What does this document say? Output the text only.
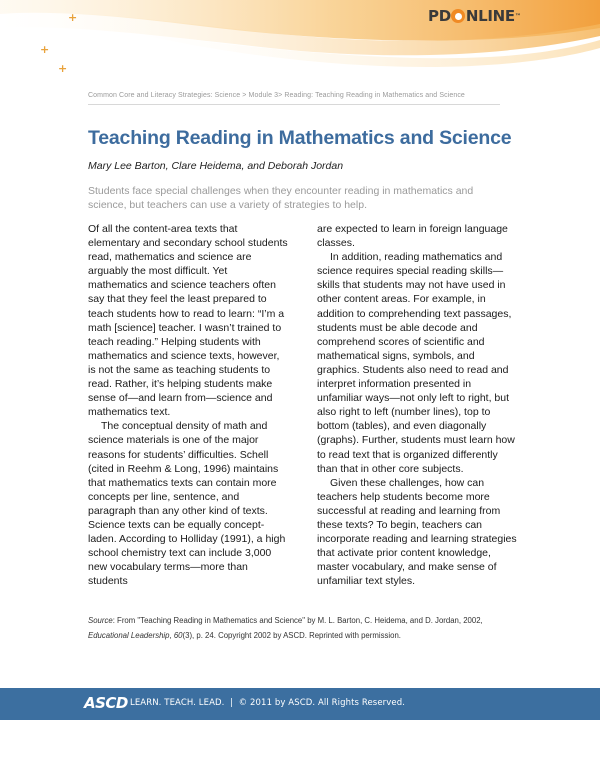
+
+
+
Common Core and Literacy Strategies: Science > Module 3> Reading: Teaching Reading in Mathematics and Science
Teaching Reading in Mathematics and Science
Mary Lee Barton, Clare Heidema, and Deborah Jordan
Students face special challenges when they encounter reading in mathematics and science, but teachers can use a variety of strategies to help.

Of all the content-area texts that elementary and secondary school students read, mathematics and science are arguably the most difficult. Yet mathematics and science teachers often say that they feel the least prepared to teach students how to read to learn: “I’m a math [science] teacher. I wasn’t trained to teach reading.” Helping students with mathematics and science texts, however, is not the same as teaching students to read. Rather, it’s helping students make sense of—and learn from—science and mathematics text.

The conceptual density of math and science materials is one of the major reasons for students’ difficulties. Schell (cited in Reehm & Long, 1996) maintains that mathematics texts can contain more concepts per line, sentence, and paragraph than any other kind of texts. Science texts can be equally concept-laden. According to Holliday (1991), a high school chemistry text can include 3,000 new vocabulary terms—more than students

are expected to learn in foreign language classes.

In addition, reading mathematics and science requires special reading skills—skills that students may not have used in other content areas. For example, in addition to comprehending text passages, students must be able decode and comprehend scores of scientific and mathematical signs, symbols, and graphics. Students also need to read and interpret information presented in unfamiliar ways—not only left to right, but also right to left (number lines), top to bottom (tables), and even diagonally (graphs). Further, students must learn how to read text that is organized differently than that in other core subjects.

Given these challenges, how can teachers help students become more successful at reading and learning from these texts? To begin, teachers can incorporate reading and learning strategies that activate prior content knowledge, master vocabulary, and make sense of unfamiliar text styles.

Source: From "Teaching Reading in Mathematics and Science" by M. L. Barton, C. Heidema, and D. Jordan, 2002, Educational Leadership, 60(3), p. 24. Copyright 2002 by ASCD. Reprinted with permission.
ASCD LEARN. TEACH. LEAD.  |  © 2011 by ASCD. All Rights Reserved.
PD NLINE ™
